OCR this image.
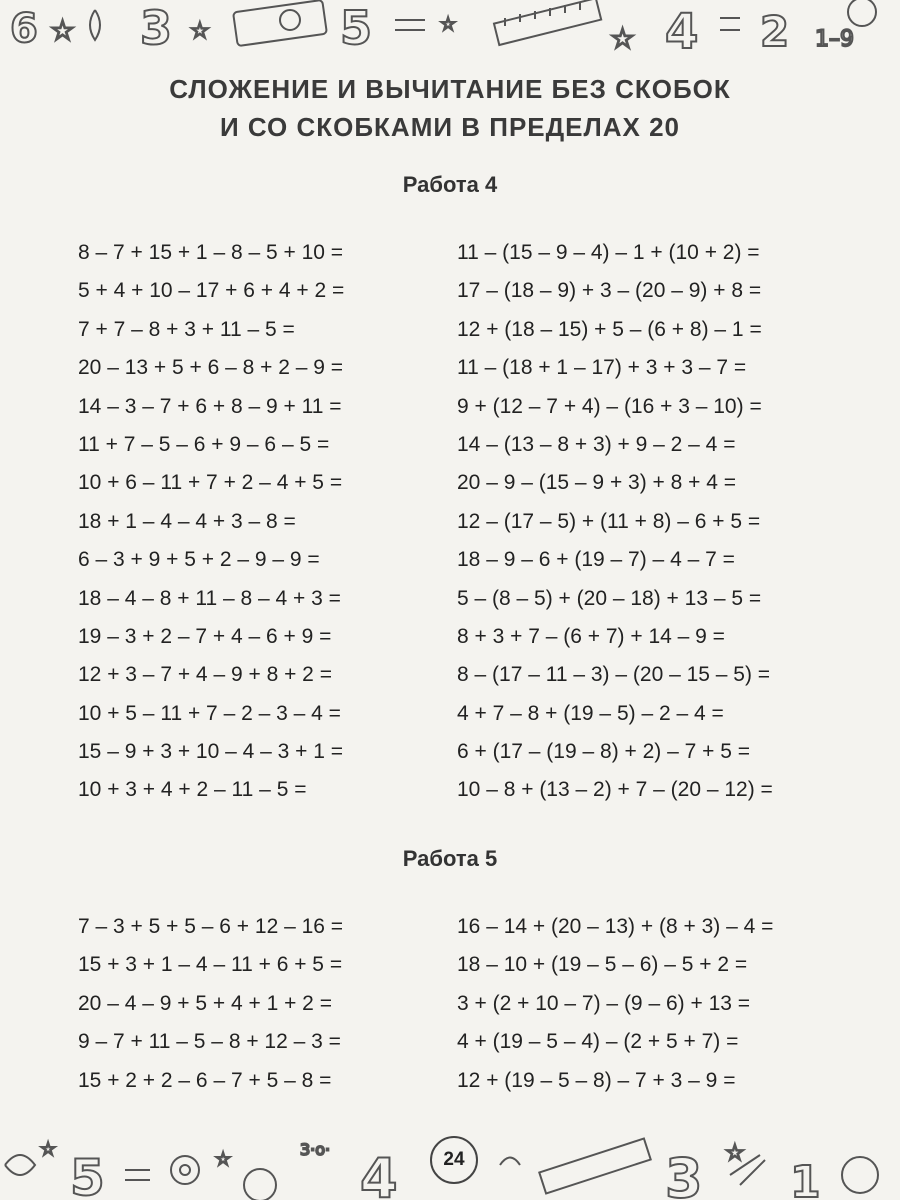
6 ☆ 3 ☆	5	☆	☆ 4 2 1–9
СЛОЖЕНИЕ И ВЫЧИТАНИЕ БЕЗ СКОБОК
И СО СКОБКАМИ В ПРЕДЕЛАХ 20
Работа 4
8 – 7 + 15 + 1 – 8 – 5 + 10 =
5 + 4 + 10 – 17 + 6 + 4 + 2 =
7 + 7 – 8 + 3 + 11 – 5 =
20 – 13 + 5 + 6 – 8 + 2 – 9 =
14 – 3 – 7 + 6 + 8 – 9 + 11 =
11 + 7 – 5 – 6 + 9 – 6 – 5 =
10 + 6 – 11 + 7 + 2 – 4 + 5 =
18 + 1 – 4 – 4 + 3 – 8 =
6 – 3 + 9 + 5 + 2 – 9 – 9 =
18 – 4 – 8 + 11 – 8 – 4 + 3 =
19 – 3 + 2 – 7 + 4 – 6 + 9 =
12 + 3 – 7 + 4 – 9 + 8 + 2 =
10 + 5 – 11 + 7 – 2 – 3 – 4 =
15 – 9 + 3 + 10 – 4 – 3 + 1 =
10 + 3 + 4 + 2 – 11 – 5 =
11 – (15 – 9 – 4) – 1 + (10 + 2) =
17 – (18 – 9) + 3 – (20 – 9) + 8 =
12 + (18 – 15) + 5 – (6 + 8) – 1 =
11 – (18 + 1 – 17) + 3 + 3 – 7 =
9 + (12 – 7 + 4) – (16 + 3 – 10) =
14 – (13 – 8 + 3) + 9 – 2 – 4 =
20 – 9 – (15 – 9 + 3) + 8 + 4 =
12 – (17 – 5) + (11 + 8) – 6 + 5 =
18 – 9 – 6 + (19 – 7) – 4 – 7 =
5 – (8 – 5) + (20 – 18) + 13 – 5 =
8 + 3 + 7 – (6 + 7) + 14 – 9 =
8 – (17 – 11 – 3) – (20 – 15 – 5) =
4 + 7 – 8 + (19 – 5) – 2 – 4 =
6 + (17 – (19 – 8) + 2) – 7 + 5 =
10 – 8 + (13 – 2) + 7 – (20 – 12) =
Работа 5
7 – 3 + 5 + 5 – 6 + 12 – 16 =
15 + 3 + 1 – 4 – 11 + 6 + 5 =
20 – 4 – 9 + 5 + 4 + 1 + 2 =
9 – 7 + 11 – 5 – 8 + 12 – 3 =
15 + 2 + 2 – 6 – 7 + 5 – 8 =
16 – 14 + (20 – 13) + (8 + 3) – 4 =
18 – 10 + (19 – 5 – 6) – 5 + 2 =
3 + (2 + 10 – 7) – (9 – 6) + 13 =
4 + (19 – 5 – 4) – (2 + 5 + 7) =
12 + (19 – 5 – 8) – 7 + 3 – 9 =
☆ 5	☆	3·o· 4	3 ☆
1
24
